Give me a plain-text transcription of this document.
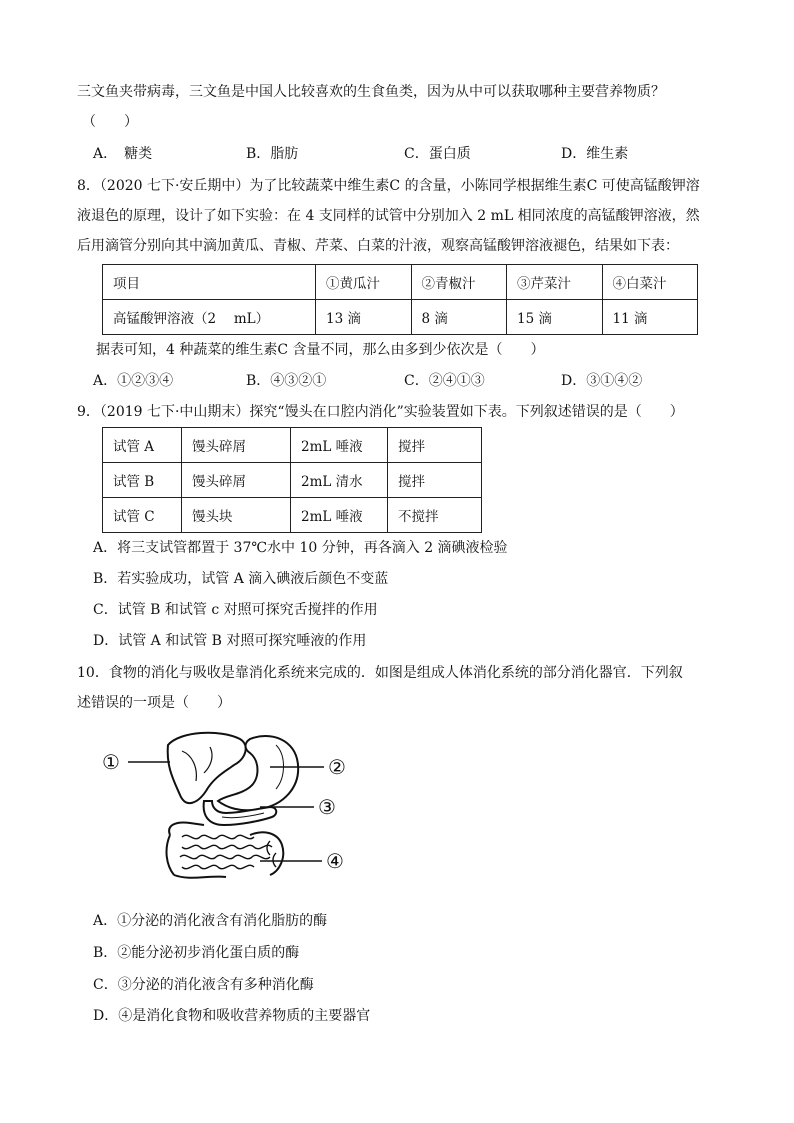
三文鱼夹带病毒，三文鱼是中国人比较喜欢的生食鱼类，因为从中可以获取哪种主要营养物质？
（　　）
A．　糖类	B．脂肪	C．蛋白质	D．维生素
8．（2020 七下·安丘期中）为了比较蔬菜中维生素C 的含量，小陈同学根据维生素C 可使高锰酸钾溶
液退色的原理，设计了如下实验：在 4 支同样的试管中分别加入 2 mL 相同浓度的高锰酸钾溶液，然
后用滴管分别向其中滴加黄瓜、青椒、芹菜、白菜的汁液，观察高锰酸钾溶液褪色，结果如下表：
项目	①黄瓜汁	②青椒汁	③芹菜汁	④白菜汁
高锰酸钾溶液（2　 mL）	13 滴	8 滴	15 滴	11 滴
据表可知，4 种蔬菜的维生素C 含量不同，那么由多到少依次是（　　）
A．①②③④	B．④③②①	C．②④①③	D．③①④②
9．（2019 七下·中山期末）探究“馒头在口腔内消化”实验装置如下表。下列叙述错误的是（　　）
试管 A	馒头碎屑	2mL 唾液	搅拌
试管 B	馒头碎屑	2mL 清水	搅拌
试管 C	馒头块	2mL 唾液	不搅拌
A．将三支试管都置于 37℃水中 10 分钟，再各滴入 2 滴碘液检验
B．若实验成功，试管 A 滴入碘液后颜色不变蓝
C．试管 B 和试管 c 对照可探究舌搅拌的作用
D．试管 A 和试管 B 对照可探究唾液的作用
10．食物的消化与吸收是靠消化系统来完成的．如图是组成人体消化系统的部分消化器官．下列叙
述错误的一项是（　　）
①	②
③
④
A．①分泌的消化液含有消化脂肪的酶
B．②能分泌初步消化蛋白质的酶
C．③分泌的消化液含有多种消化酶
D．④是消化食物和吸收营养物质的主要器官
